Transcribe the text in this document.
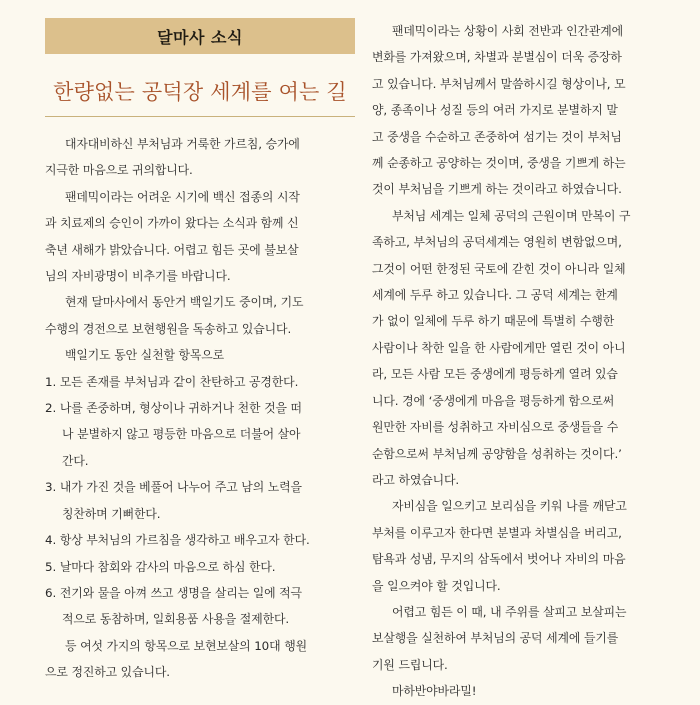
달마사 소식
한량없는 공덕장 세계를 여는 길

대자대비하신 부처님과 거룩한 가르침, 승가에
지극한 마음으로 귀의합니다.

팬데믹이라는 어려운 시기에 백신 접종의 시작
과 치료제의 승인이 가까이 왔다는 소식과 함께 신
축년 새해가 밝았습니다. 어렵고 힘든 곳에 불보살
님의 자비광명이 비추기를 바랍니다.

현재 달마사에서 동안거 백일기도 중이며, 기도
수행의 경전으로 보현행원을 독송하고 있습니다.

백일기도 동안 실천할 항목으로

1. 모든 존재를 부처님과 같이 찬탄하고 공경한다.
2. 나를 존중하며, 형상이나 귀하거나 천한 것을 떠
나 분별하지 않고 평등한 마음으로 더불어 살아
간다.
3. 내가 가진 것을 베풀어 나누어 주고 남의 노력을
칭찬하며 기뻐한다.
4. 항상 부처님의 가르침을 생각하고 배우고자 한다.
5. 날마다 참회와 감사의 마음으로 하심 한다.
6. 전기와 물을 아껴 쓰고 생명을 살리는 일에 적극
적으로 동참하며, 일회용품 사용을 절제한다.

등 여섯 가지의 항목으로 보현보살의 10대 행원
으로 정진하고 있습니다.

팬데믹이라는 상황이 사회 전반과 인간관계에
변화를 가져왔으며, 차별과 분별심이 더욱 증장하
고 있습니다. 부처님께서 말씀하시길 형상이나, 모
양, 종족이나 성질 등의 여러 가지로 분별하지 말
고 중생을 수순하고 존중하여 섬기는 것이 부처님
께 순종하고 공양하는 것이며, 중생을 기쁘게 하는
것이 부처님을 기쁘게 하는 것이라고 하였습니다.

부처님 세계는 일체 공덕의 근원이며 만복이 구
족하고, 부처님의 공덕세계는 영원히 변함없으며,
그것이 어떤 한정된 국토에 갇힌 것이 아니라 일체
세계에 두루 하고 있습니다. 그 공덕 세계는 한계
가 없이 일체에 두루 하기 때문에 특별히 수행한
사람이나 착한 일을 한 사람에게만 열린 것이 아니
라, 모든 사람 모든 중생에게 평등하게 열려 있습
니다. 경에 ‘중생에게 마음을 평등하게 함으로써
원만한 자비를 성취하고 자비심으로 중생들을 수
순함으로써 부처님께 공양함을 성취하는 것이다.’
라고 하였습니다.

자비심을 일으키고 보리심을 키워 나를 깨닫고
부처를 이루고자 한다면 분별과 차별심을 버리고,
탐욕과 성냄, 무지의 삼독에서 벗어나 자비의 마음
을 일으켜야 할 것입니다.

어렵고 힘든 이 때, 내 주위를 살피고 보살피는
보살행을 실천하여 부처님의 공덕 세계에 들기를
기원 드립니다.

마하반야바라밀!
